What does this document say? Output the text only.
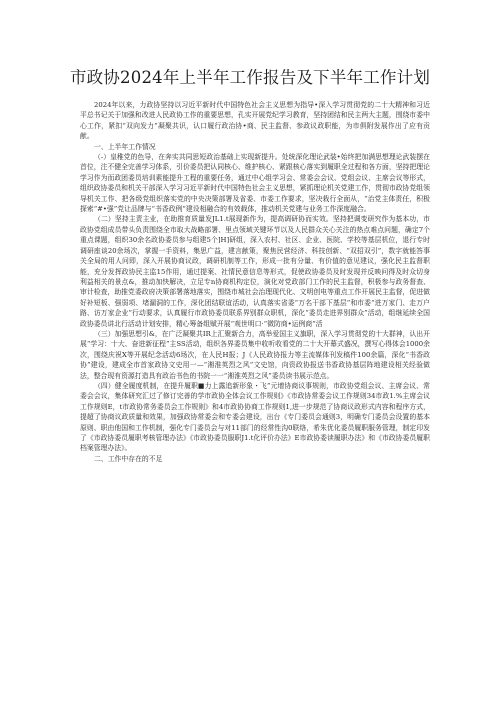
市政协2024年上半年工作报告及下半年工作计划

2024年以来，力政协坚持以习近平新时代中国特色社会主义思想为指导•深入学习贯彻党的二十大精神和习近平总书记关于加强和改进人民政协工作的重要思想，孔实开展党纪学习教育，坚持团结和民主两大主题，围绕市委中心工作，紧扣“双向发力”凝聚共识，认口履行政治协•商、民主监督、参政议政职能，为市俱附发展作出了应有贡献。

一、上半年工作情况

（-）皇稚党的色导，在奔实共同思短政治基础上实现新提升。处统深化理论武装•始终把加满思想理论武装摆在首位，注不健全完善学习体系，引价委员把认同核心、维护核心、紧跟核心落实到履职全过程和各方面，坚持把理论学习作为而政团委员培训素能提升工程的重要任务，通过中心组学习会、常委会会议、党组会议、主席会议等形式，组织政协委员和机关干部深入学习习近平新时代中国特色社会主义思想，紧抓理论机关党建工作，贯彻市政协党组领导机关工作、把各级党组织落实党的中央决策部署及省委、市委工作要求，坚决栽行全面从，“治党主体责任，积极探索“#•强”党让品牌与“书香政例”建设相融合的有效载体，推动机关党建与业务工作深度融合。

（二）坚持主责主业，在助推育质量发JL1.t展现新作为，提高调研协而实效。坚持把调变研究作为基本功，市政协党组成员带头负责围绕全市取大战略部署、里点领域关键环节以及人民群众关心关注的热点难点问题，确定7个重点课题，组织30余名政协委员参与组建5个]H]研组，深入农村、社区、企业、医院、学校等基层机位，退行专时调研座谈20余场次，掌握一手资料，集思广益，建言献策，聚焦民营经济、科技创新、“双招双引”，数字就能答事关全局的用人问即，深入开展协商议政，调研机制等工作，形成一批有分量、有价值的意见建议，强化民主监督职能，充分发挥政协民主监15作用，通过提案、社情民意信息等形式，促使政协委员及时发现并反映问得及时众切身利益相关的景点&，推动加快解决，立足专n协商机构定位，演化对党政部门工作的民主监督，积极参与政务督查、审计检查，助推党委政府决策部署落地落实，围绕市城社会治理现代化、文明创电等重点工作开展民主监督，促进做好补短板、强弱项、堵漏洞的工作，深化团结联谊活动，认真落实省委“万名干部下基层”和市委“进万家门、走万户路、访万家企业”行动要求，认真履行市政协委员联系界别群众职机，深化“委员走进界别群众”活动，组继延续全国政协委员讲北行活动计划安排，精心筹备组赋开展“观世明口·“微防商•运例商”活

（三）加强思想引&，在广泛凝聚共IR上汇聚新合力，高举爱国主义旗职，深入学习贯彻党的十大群神，认出开展“学习：十大、奋进新征程”主SS活动，组织各界委员集中收听收看党的二十大开幕式盛况，撰写心得体会1000余次，围绕庆祝X等开展纪念活动6场次，在人民H报；J《人民政协报力等主流媒体刊发稿件100余篇，深化“书香政协”建设，建成全市首家政协文史用一—“湘淮英烈之风”文史馆，向资政协报送书香政协基层阵地建设相关经验做法，整合现有资源打造具有政治书色的书院一一“湘淮英烈之风”委员读书展示范点。

（四）健全履度机制，在提升履职■力上露追新形象・飞”元增协商议事规则，市政协党组会议、主席会议、常委会会议，集体研究汇过了修订完善的学市政协全体会议工作规则》《市政协常委会议工作规则34市政1.%主席会议工作规则E，t市政协常务委员会工作规则》和4市政协协商工作规则1,进一步规范了协商议政形式内容和程序方式，提超了协商议政质量和效果，加强政协常委会和专委会建设，出台《专门委员会通则3，明确专门委员会设置的基本原则、职由他国和工作机制，强化专门委员会与对11部门的经常性沟0联络，希朱优化委员履职服务管理，制定印发了《市政协委员履职考核管理办法》《市政协委员服职J1.t化评价办法》E市政协委读履职办法》和《市政协委员履职档案管理办法》。

二、工作中存在的不足
